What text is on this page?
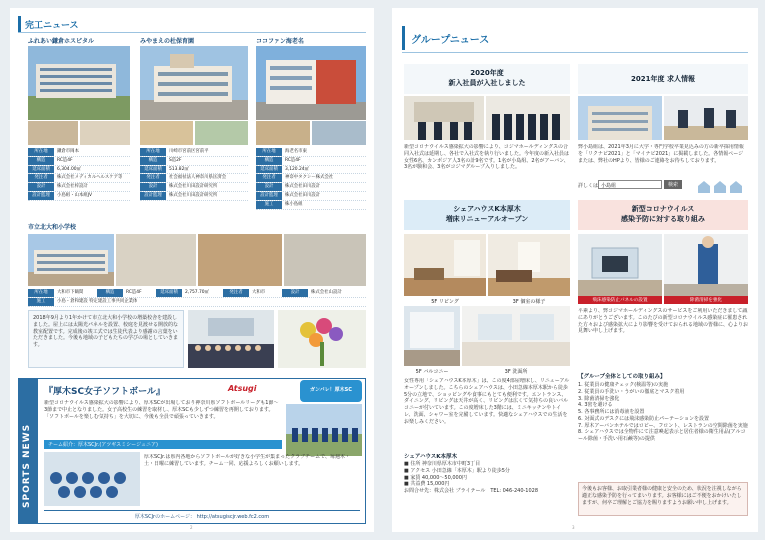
完工ニュース
ふれあい鎌倉ホスピタル
所在地	鎌倉市岡本
構造	RC造4F
延床面積	6,304.00㎡
発注者	株式会社メディカルヘルスケア等
設計	株式会社梓設計
設計監理	小島組・山本組JV
みやまえの杜保育園
所在地	川崎市宮前区宮前平
構造	S造2F
延床面積	513.82㎡
発注者	社会福祉法人神奈川県匡済会
設計	株式会社川田設計研究所
設計監理	株式会社川田設計研究所
ココファン海老名
所在地	海老名市東
構造	RC造4F
延床面積	3,120.24㎡
発注者	神奈中タクシー株式会社
設計	株式会社田川設計
設計監理	株式会社田川設計
施工	株小島組
市立北大和小学校
所在地	大和市下鶴間	構造	RC造4F	延床面積	2,757.70㎡	発注者	大和市	設計	株式会社山設計
施工	小島・倉和建設 特定建設工事共同企業体
2018年9月より1年かけて市立北大和小学校の増築校舎を建設しました。屋上には太陽光パネルを設置、校庭を見渡せる開放的な教室配置です。完成後の竣工式では生徒代表より感謝の言葉をいただきました。今後も地域の子どもたちの学びの場としていきます。
SPORTS NEWS
『厚木SC女子ソフトボール』	Atsugi	ガンバレ！厚木SC
新型コロナウイルス感染拡大の影響により、厚木SCが出場しており神奈川県ソフトボールリーグも1節〜3節まで中止となりました。女子高校生の練習を取材し、厚木SCも少しずつ練習を再開しております。「ソフトボールを楽しむ気持ち」を大切に、今後も全員で頑張っていきます。
チーム紹介：厚木SCJr.(アツギスミシージュニア)
厚木SCJr.は県内各地からソフトボールが好きな小学生が集まったクラブチームで、毎週木・土・日曜に練習しています。チーム一同、応援よろしくお願いします。
厚木SCJrのホームページ： http://atsugiscjr.web.fc2.com
2
グループニュース
2020年度
新入社員が入社しました
新型コロナウイルス感染拡大の影響により、コジマホールディングスの合同入社式は延期し、各社で入社式を執り行いました。今年度の新入社員は女性6名、カンボジア人3名の計9名です。1名が小島組、2名がアーバン、3名が駿和会、3名がコジマグループ入りしました。
2021年度 求人情報
弊小島組は、2021年3月に大学・専門学校卒業見込みの方の新卒採用情報を「リクナビ2021」と「マイナビ2021」に掲載しました。各情報ページまたは、弊社のHPより、皆様のご連絡をお待ちしております。
詳しくは 小島組	検索
シェアハウスK本厚木
増床リニューアルオープン
5F リビング	3F 個室の様子
5F バルコニー	3F 洗面所
女性専用「シェアハウスK本厚木」は、この度4部屋増床し、リニューアルオープンしました。こちらのシェアハウスは、小田急線本厚木駅から徒歩5分の立地で、ショッピングや食事にもとても便利です。エントランス、ダイニング、リビングは天井が高く、リビングは広くて気持ちの良いバルコニーが付いています。この度増床した3階には、ミニキッチンやトイレ、洗面、シャワー室を完備しています。快適なシェアハウスでの生活をお楽しみください。
シェアハウスK本厚木
■ 住所 神奈川県厚木市中町3丁目
■ アクセス 小田急線「本厚木」駅より徒歩5分
■ 家賃 40,000〜50,000円
■ 共益費 15,000円
お問合せ先：株式会社 ブライテール　TEL: 046-240-1028
新型コロナウイルス
感染予防に対する取り組み
飛沫感染防止パネルの設置	除菌清掃を強化
平素より、弊コジマホールディングスのサービスをご利用いただきまして誠にありがとうございます。このたびの新型コロナウイルス感染症に罹患された方々および感染拡大により影響を受けておられる地域の皆様に、心よりお見舞い申し上げます。
【グループ全体としての取り組み】
1. 従業員の健康チェック(検温等)の実施
2. 従業員の手洗い・うがいの徹底とマスク着用
3. 除菌清掃を強化
4. 3密を避ける
5. 各事務所には消毒液を設置
6. 対面式のデスクには飛沫感染防止パーテーションを設置
7. 厚木アーバンホテルではロビー、フロント、レストランの空間除菌を実施
8. シェアハウスでは全物件にて注意喚起表示と居住者様の衛生用品(アルコール除菌・手洗い用石鹸等)の提供
今後もお客様、お取引業者様の健康と安全のため、状況を注視しながら適正な感染予防を行ってまいります。お客様にはご不便をおかけいたしますが、何卒ご理解とご協力を賜りますようお願い申し上げます。
3
